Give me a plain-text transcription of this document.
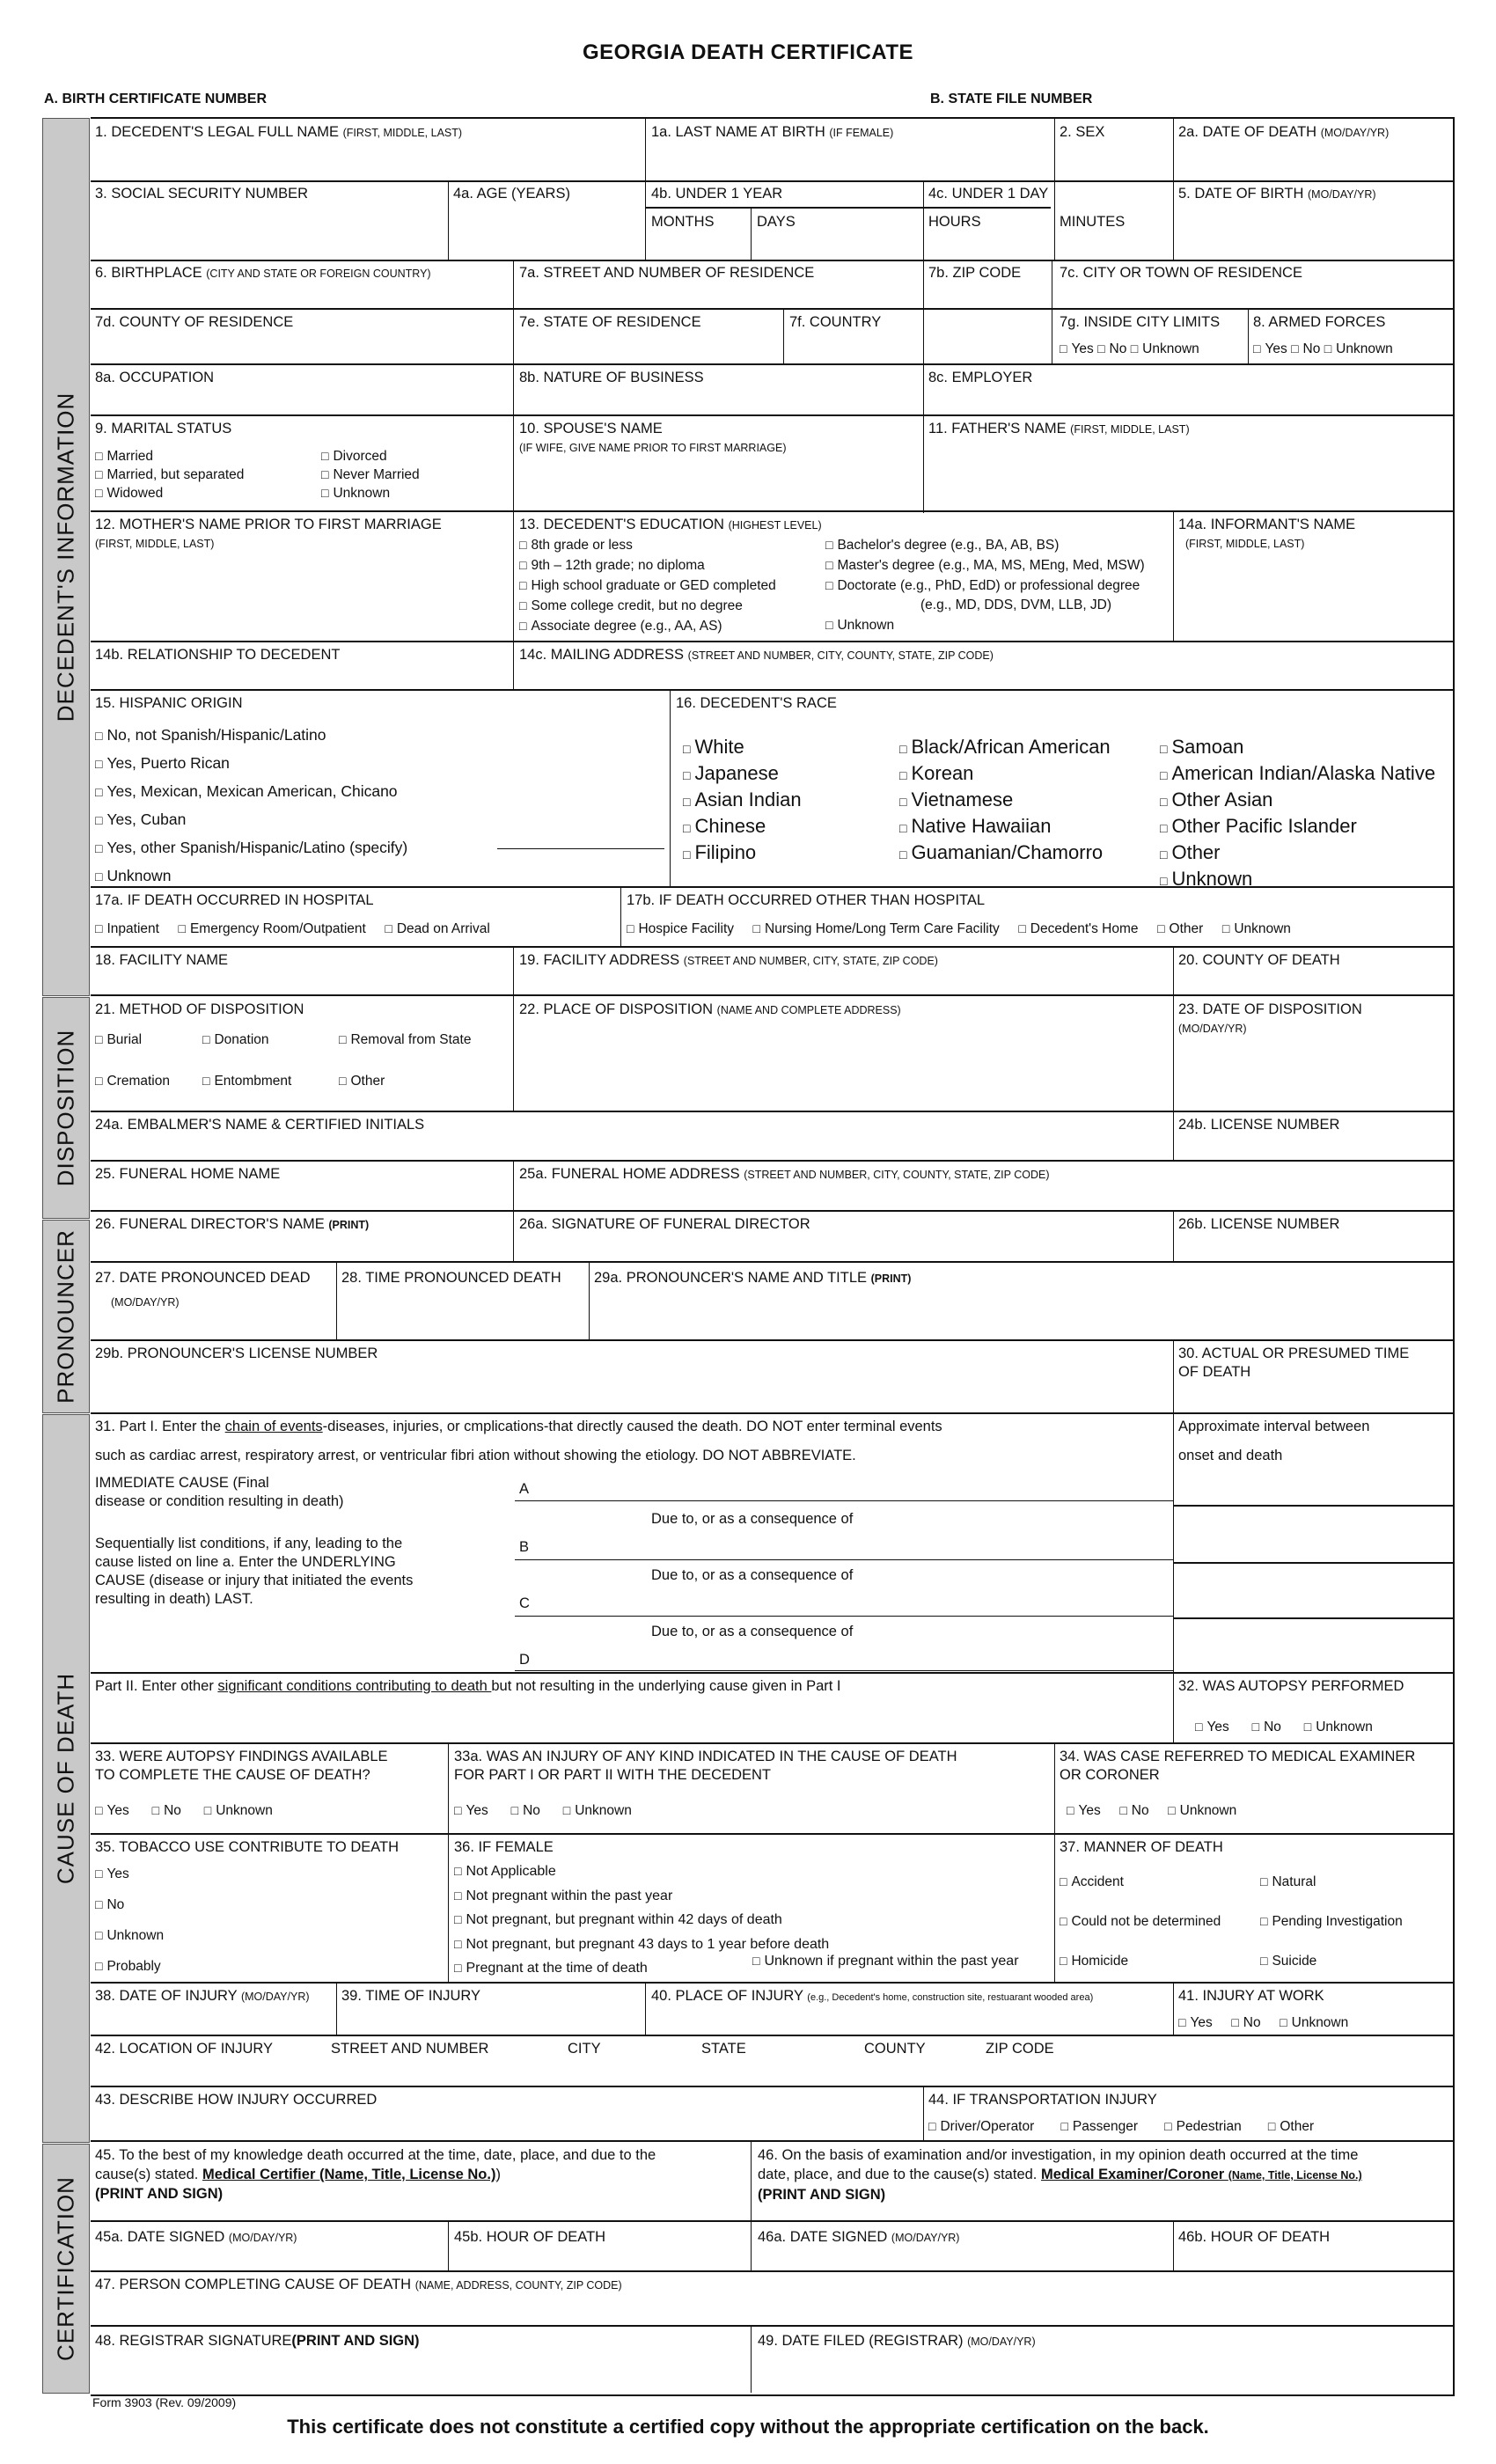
GEORGIA DEATH CERTIFICATE
A. BIRTH CERTIFICATE NUMBER	B. STATE FILE NUMBER
DECEDENT'S INFORMATION
DISPOSITION
PRONOUNCER
CAUSE OF DEATH
CERTIFICATION
1. DECEDENT'S LEGAL FULL NAME (FIRST, MIDDLE, LAST)	1a. LAST NAME AT BIRTH (IF FEMALE)	2. SEX	2a. DATE OF DEATH (MO/DAY/YR)
3. SOCIAL SECURITY NUMBER	4a. AGE (YEARS)	4b. UNDER 1 YEAR
MONTHS	DAYS
4c. UNDER 1 DAY
HOURS	MINUTES
5. DATE OF BIRTH (MO/DAY/YR)
6. BIRTHPLACE (CITY AND STATE OR FOREIGN COUNTRY)	7a. STREET AND NUMBER OF RESIDENCE	7b. ZIP CODE	7c. CITY OR TOWN OF RESIDENCE
7d. COUNTY OF RESIDENCE	7e. STATE OF RESIDENCE	7f. COUNTRY	7g. INSIDE CITY LIMITS
□ Yes □ No □ Unknown
8. ARMED FORCES
□ Yes □ No □ Unknown
8a. OCCUPATION	8b. NATURE OF BUSINESS	8c. EMPLOYER
9. MARITAL STATUS
□ Married
□ Married, but separated
□ Widowed
□ Divorced
□ Never Married
□ Unknown
10. SPOUSE'S NAME
(IF WIFE, GIVE NAME PRIOR TO FIRST MARRIAGE)
11. FATHER'S NAME (FIRST, MIDDLE, LAST)
12. MOTHER'S NAME PRIOR TO FIRST MARRIAGE
(FIRST, MIDDLE, LAST)
13. DECEDENT'S EDUCATION (HIGHEST LEVEL)
□ 8th grade or less
□ 9th – 12th grade; no diploma
□ High school graduate or GED completed
□ Some college credit, but no degree
□ Associate degree (e.g., AA, AS)
□ Bachelor's degree (e.g., BA, AB, BS)
□ Master's degree (e.g., MA, MS, MEng, Med, MSW)
□ Doctorate (e.g., PhD, EdD) or professional degree
(e.g., MD, DDS, DVM, LLB, JD)
□ Unknown
14a. INFORMANT'S NAME
(FIRST, MIDDLE, LAST)
14b. RELATIONSHIP TO DECEDENT	14c. MAILING ADDRESS (STREET AND NUMBER, CITY, COUNTY, STATE, ZIP CODE)
15. HISPANIC ORIGIN
□ No, not Spanish/Hispanic/Latino
□ Yes, Puerto Rican
□ Yes, Mexican, Mexican American, Chicano
□ Yes, Cuban
□ Yes, other Spanish/Hispanic/Latino (specify)
□ Unknown
16. DECEDENT'S RACE
□ White
□ Japanese
□ Asian Indian
□ Chinese
□ Filipino
□ Black/African American
□ Korean
□ Vietnamese
□ Native Hawaiian
□ Guamanian/Chamorro
□ Samoan
□ American Indian/Alaska Native
□ Other Asian
□ Other Pacific Islander
□ Other
□ Unknown
17a. IF DEATH OCCURRED IN HOSPITAL
□ Inpatient □ Emergency Room/Outpatient □ Dead on Arrival
17b. IF DEATH OCCURRED OTHER THAN HOSPITAL
□ Hospice Facility □ Nursing Home/Long Term Care Facility □ Decedent's Home □ Other □ Unknown
18. FACILITY NAME	19. FACILITY ADDRESS (STREET AND NUMBER, CITY, STATE, ZIP CODE)	20. COUNTY OF DEATH
21. METHOD OF DISPOSITION
□ Burial	□ Donation	□ Removal from State
□ Cremation	□ Entombment	□ Other
22. PLACE OF DISPOSITION (NAME AND COMPLETE ADDRESS)	23. DATE OF DISPOSITION
(MO/DAY/YR)
24a. EMBALMER'S NAME & CERTIFIED INITIALS	24b. LICENSE NUMBER
25. FUNERAL HOME NAME	25a. FUNERAL HOME ADDRESS (STREET AND NUMBER, CITY, COUNTY, STATE, ZIP CODE)
26. FUNERAL DIRECTOR'S NAME (PRINT)	26a. SIGNATURE OF FUNERAL DIRECTOR	26b. LICENSE NUMBER
27. DATE PRONOUNCED DEAD
(MO/DAY/YR)
28. TIME PRONOUNCED DEATH 29a. PRONOUNCER'S NAME AND TITLE (PRINT)
29b. PRONOUNCER'S LICENSE NUMBER	30. ACTUAL OR PRESUMED TIME
OF DEATH
31. Part I. Enter the chain of events-diseases, injuries, or cmplications-that directly caused the death. DO NOT enter terminal events
such as cardiac arrest, respiratory arrest, or ventricular fibri ation without showing the etiology. DO NOT ABBREVIATE.
Approximate interval between
onset and death
IMMEDIATE CAUSE (Final
disease or condition resulting in death)
Sequentially list conditions, if any, leading to the
cause listed on line a. Enter the UNDERLYING
CAUSE (disease or injury that initiated the events
resulting in death) LAST.
A
B
C
D
Due to, or as a consequence of
Due to, or as a consequence of
Due to, or as a consequence of
Part II. Enter other significant conditions contributing to death but not resulting in the underlying cause given in Part I	32. WAS AUTOPSY PERFORMED
□ Yes □ No □ Unknown
33. WERE AUTOPSY FINDINGS AVAILABLE
TO COMPLETE THE CAUSE OF DEATH?
□ Yes □ No □ Unknown
33a. WAS AN INJURY OF ANY KIND INDICATED IN THE CAUSE OF DEATH
FOR PART I OR PART II WITH THE DECEDENT
□ Yes □ No □ Unknown
34. WAS CASE REFERRED TO MEDICAL EXAMINER
OR CORONER
□ Yes □ No □ Unknown
35. TOBACCO USE CONTRIBUTE TO DEATH
□ Yes
□ No
□ Unknown
□ Probably
36. IF FEMALE
□ Not Applicable
□ Not pregnant within the past year
□ Not pregnant, but pregnant within 42 days of death
□ Not pregnant, but pregnant 43 days to 1 year before death
□ Pregnant at the time of death	□ Unknown if pregnant within the past year
37. MANNER OF DEATH
□ Accident
□ Could not be determined
□ Homicide
□ Natural
□ Pending Investigation
□ Suicide
38. DATE OF INJURY (MO/DAY/YR) 39. TIME OF INJURY	40. PLACE OF INJURY (e.g., Decedent's home, construction site, restuarant wooded area)	41. INJURY AT WORK
□ Yes □ No □ Unknown
42. LOCATION OF INJURY	STREET AND NUMBER	CITY	STATE	COUNTY	ZIP CODE
43. DESCRIBE HOW INJURY OCCURRED	44. IF TRANSPORTATION INJURY
□ Driver/Operator □ Passenger □ Pedestrian □ Other
45. To the best of my knowledge death occurred at the time, date, place, and due to the
cause(s) stated. Medical Certifier (Name, Title, License No.))
(PRINT AND SIGN)
46. On the basis of examination and/or investigation, in my opinion death occurred at the time
date, place, and due to the cause(s) stated. Medical Examiner/Coroner (Name, Title, License No.)
(PRINT AND SIGN)
45a. DATE SIGNED (MO/DAY/YR)	45b. HOUR OF DEATH	46a. DATE SIGNED (MO/DAY/YR)	46b. HOUR OF DEATH
47. PERSON COMPLETING CAUSE OF DEATH (NAME, ADDRESS, COUNTY, ZIP CODE)
48. REGISTRAR SIGNATURE(PRINT AND SIGN)	49. DATE FILED (REGISTRAR) (MO/DAY/YR)
Form 3903 (Rev. 09/2009)
This certificate does not constitute a certified copy without the appropriate certification on the back.
